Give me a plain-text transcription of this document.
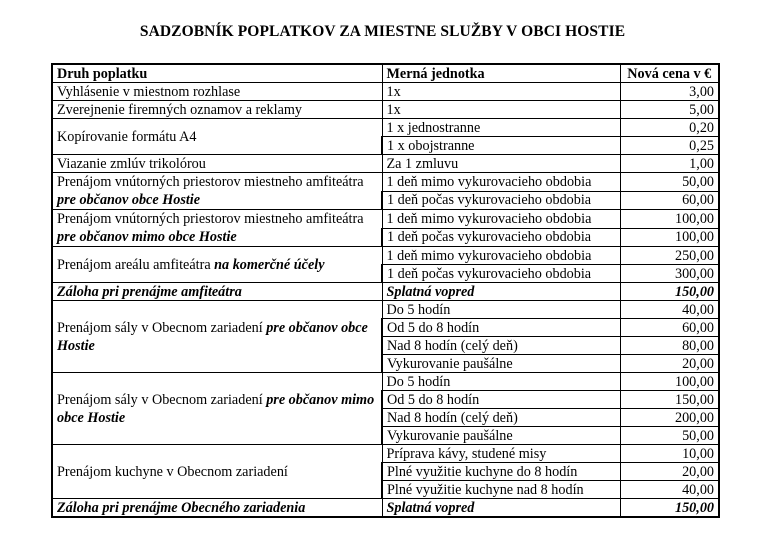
SADZOBNÍK POPLATKOV ZA MIESTNE SLUŽBY V OBCI HOSTIE
Druh poplatku	Merná jednotka	Nová cena v €
Vyhlásenie v miestnom rozhlase	1x	3,00
Zverejnenie firemných oznamov a reklamy	1x	5,00
Kopírovanie formátu A4	1 x jednostranne	0,20
	1 x obojstranne	0,25
Viazanie zmlúv trikolórou	Za 1 zmluvu	1,00
Prenájom vnútorných priestorov miestneho amfiteátra
pre občanov obce Hostie	1 deň mimo vykurovacieho obdobia	50,00
	1 deň počas vykurovacieho obdobia	60,00
Prenájom vnútorných priestorov miestneho amfiteátra
pre občanov mimo obce Hostie	1 deň mimo vykurovacieho obdobia	100,00
	1 deň počas vykurovacieho obdobia	100,00
Prenájom areálu amfiteátra na komerčné účely	1 deň mimo vykurovacieho obdobia	250,00
	1 deň počas vykurovacieho obdobia	300,00
Záloha pri prenájme amfiteátra	Splatná vopred	150,00
Prenájom sály v Obecnom zariadení pre občanov obce Hostie	Do 5 hodín	40,00
	Od 5 do 8 hodín	60,00
	Nad 8 hodín (celý deň)	80,00
	Vykurovanie paušálne	20,00
Prenájom sály v Obecnom zariadení pre občanov mimo obce Hostie	Do 5 hodín	100,00
	Od 5 do 8 hodín	150,00
	Nad 8 hodín (celý deň)	200,00
	Vykurovanie paušálne	50,00
Prenájom kuchyne v Obecnom zariadení	Príprava kávy, studené misy	10,00
	Plné využitie kuchyne do 8 hodín	20,00
	Plné využitie kuchyne nad 8 hodín	40,00
Záloha pri prenájme Obecného zariadenia	Splatná vopred	150,00
